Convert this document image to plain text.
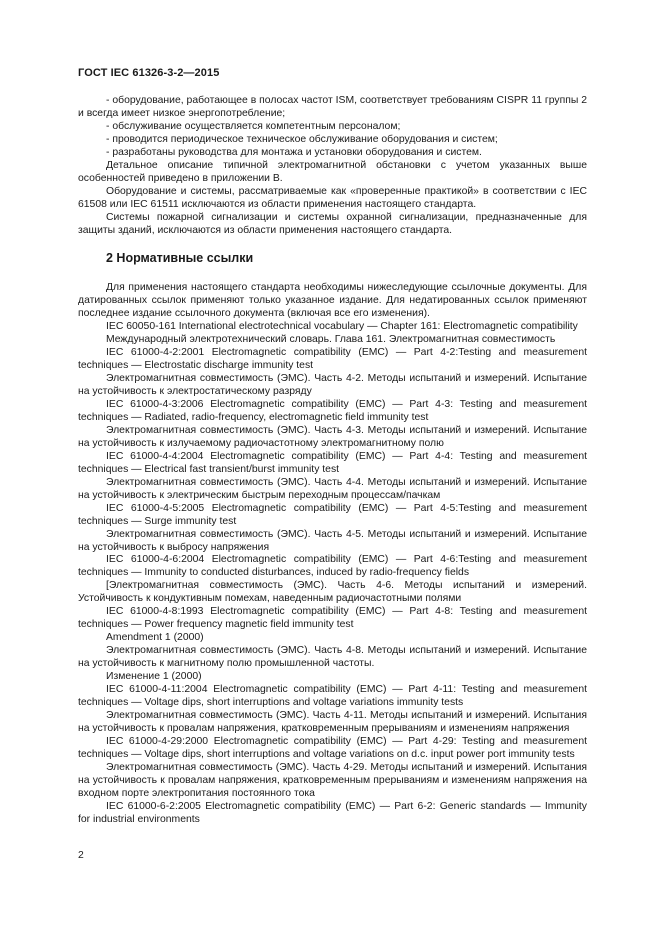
ГОСТ IEC 61326-3-2—2015

- оборудование, работающее в полосах частот ISM, соответствует требованиям CISPR 11 группы 2 и всегда имеет низкое энергопотребление;

- обслуживание осуществляется компетентным персоналом;

- проводится периодическое техническое обслуживание оборудования и систем;

- разработаны руководства для монтажа и установки оборудования и систем.

Детальное описание типичной электромагнитной обстановки с учетом указанных выше особенностей приведено в приложении В.

Оборудование и системы, рассматриваемые как «проверенные практикой» в соответствии с IEC 61508 или IEC 61511 исключаются из области применения настоящего стандарта.

Системы пожарной сигнализации и системы охранной сигнализации, предназначенные для защиты зданий, исключаются из области применения настоящего стандарта.

2 Нормативные ссылки

Для применения настоящего стандарта необходимы нижеследующие ссылочные документы. Для датированных ссылок применяют только указанное издание. Для недатированных ссылок применяют последнее издание ссылочного документа (включая все его изменения).

IEC 60050-161 International electrotechnical vocabulary — Chapter 161: Electromagnetic compatibility

Международный электротехнический словарь. Глава 161. Электромагнитная совместимость

IEC 61000-4-2:2001 Electromagnetic compatibility (EMC) — Part 4-2:Testing and measurement techniques — Electrostatic discharge immunity test

Электромагнитная совместимость (ЭМС). Часть 4-2. Методы испытаний и измерений. Испытание на устойчивость к электростатическому разряду

IEC 61000-4-3:2006 Electromagnetic compatibility (EMC) — Part 4-3: Testing and measurement techniques — Radiated, radio-frequency, electromagnetic field immunity test

Электромагнитная совместимость (ЭМС). Часть 4-3. Методы испытаний и измерений. Испытание на устойчивость к излучаемому радиочастотному электромагнитному полю

IEC 61000-4-4:2004 Electromagnetic compatibility (EMC) — Part 4-4: Testing and measurement techniques — Electrical fast transient/burst immunity test

Электромагнитная совместимость (ЭМС). Часть 4-4. Методы испытаний и измерений. Испытание на устойчивость к электрическим быстрым переходным процессам/пачкам

IEC 61000-4-5:2005 Electromagnetic compatibility (EMC) — Part 4-5:Testing and measurement techniques — Surge immunity test

Электромагнитная совместимость (ЭМС). Часть 4-5. Методы испытаний и измерений. Испытание на устойчивость к выбросу напряжения

IEC 61000-4-6:2004 Electromagnetic compatibility (EMC) — Part 4-6:Testing and measurement techniques — Immunity to conducted disturbances, induced by radio-frequency fields

[Электромагнитная совместимость (ЭМС). Часть 4-6. Методы испытаний и измерений. Устойчивость к кондуктивным помехам, наведенным радиочастотными полями

IEC 61000-4-8:1993 Electromagnetic compatibility (EMC) — Part 4-8: Testing and measurement techniques — Power frequency magnetic field immunity test

Amendment 1 (2000)

Электромагнитная совместимость (ЭМС). Часть 4-8. Методы испытаний и измерений. Испытание на устойчивость к магнитному полю промышленной частоты.

Изменение 1 (2000)

IEC 61000-4-11:2004 Electromagnetic compatibility (EMC) — Part 4-11: Testing and measurement techniques — Voltage dips, short interruptions and voltage variations immunity tests

Электромагнитная совместимость (ЭМС). Часть 4-11. Методы испытаний и измерений. Испытания на устойчивость к провалам напряжения, кратковременным прерываниям и изменениям напряжения

IEC 61000-4-29:2000 Electromagnetic compatibility (EMC) — Part 4-29: Testing and measurement techniques — Voltage dips, short interruptions and voltage variations on d.c. input power port immunity tests

Электромагнитная совместимость (ЭМС). Часть 4-29. Методы испытаний и измерений. Испытания на устойчивость к провалам напряжения, кратковременным прерываниям и изменениям напряжения на входном порте электропитания постоянного тока

IEC 61000-6-2:2005 Electromagnetic compatibility (EMC) — Part 6-2: Generic standards — Immunity for industrial environments

2
